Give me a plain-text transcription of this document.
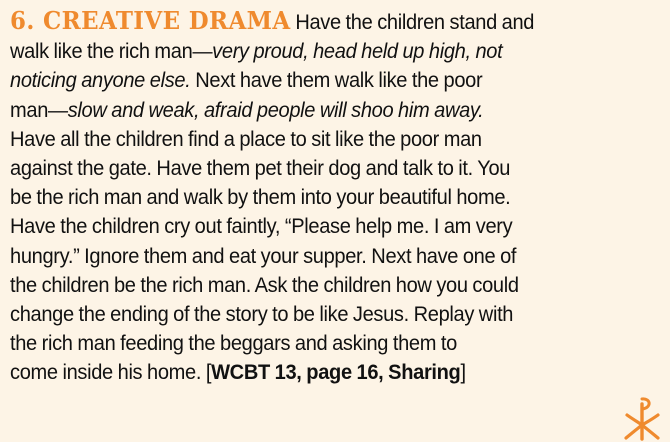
6. CREATIVE DRAMA Have the children stand and
walk like the rich man—very proud, head held up high, not
noticing anyone else. Next have them walk like the poor
man—slow and weak, afraid people will shoo him away.
Have all the children find a place to sit like the poor man
against the gate. Have them pet their dog and talk to it. You
be the rich man and walk by them into your beautiful home.
Have the children cry out faintly, “Please help me. I am very
hungry.” Ignore them and eat your supper. Next have one of
the children be the rich man. Ask the children how you could
change the ending of the story to be like Jesus. Replay with
the rich man feeding the beggars and asking them to
come inside his home. [WCBT 13, page 16, Sharing]
